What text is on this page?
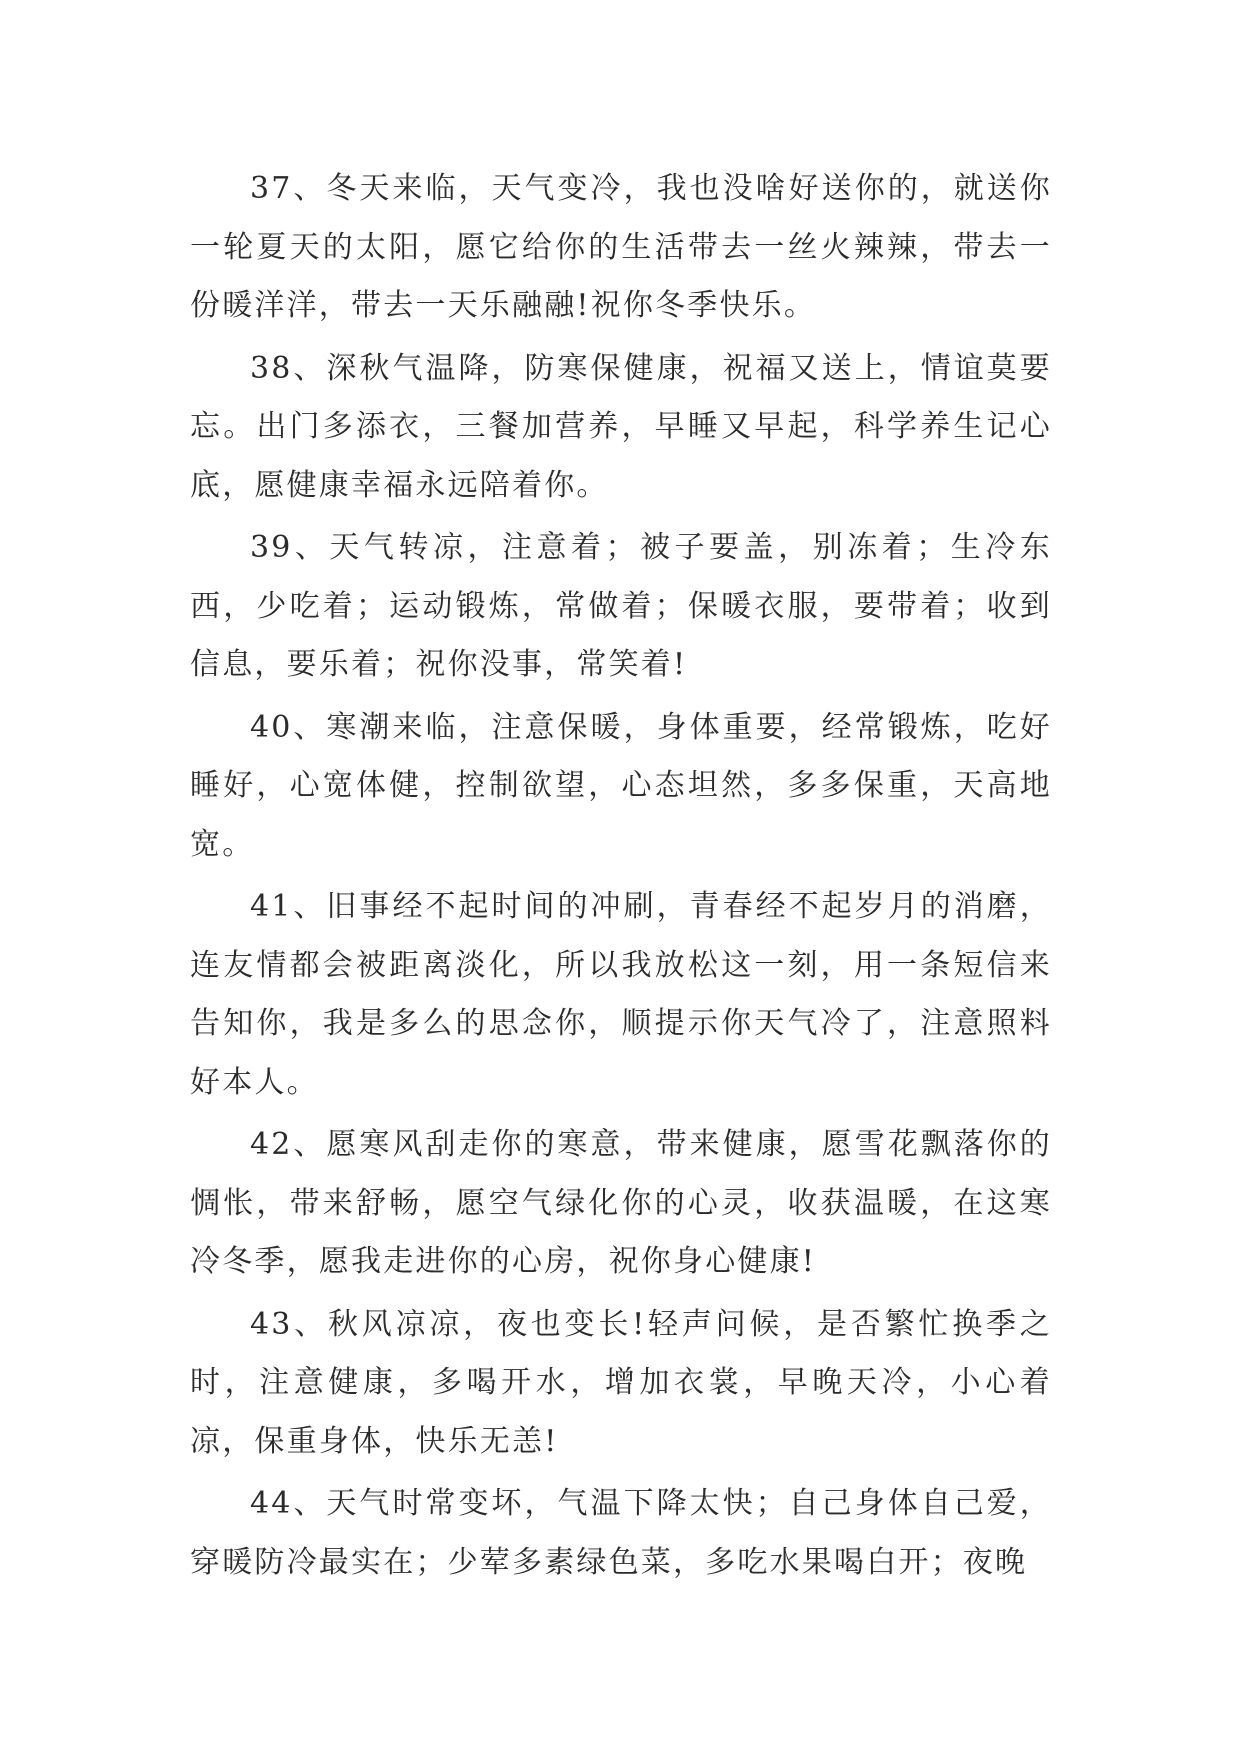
37、冬天来临，天气变冷，我也没啥好送你的，就送你一轮夏天的太阳，愿它给你的生活带去一丝火辣辣，带去一份暖洋洋，带去一天乐融融!祝你冬季快乐。

38、深秋气温降，防寒保健康，祝福又送上，情谊莫要忘。出门多添衣，三餐加营养，早睡又早起，科学养生记心底，愿健康幸福永远陪着你。

39、天气转凉，注意着；被子要盖，别冻着；生冷东西，少吃着；运动锻炼，常做着；保暖衣服，要带着；收到信息，要乐着；祝你没事，常笑着!

40、寒潮来临，注意保暖，身体重要，经常锻炼，吃好睡好，心宽体健，控制欲望，心态坦然，多多保重，天高地宽。

41、旧事经不起时间的冲刷，青春经不起岁月的消磨，连友情都会被距离淡化，所以我放松这一刻，用一条短信来告知你，我是多么的思念你，顺提示你天气冷了，注意照料好本人。

42、愿寒风刮走你的寒意，带来健康，愿雪花飘落你的惆怅，带来舒畅，愿空气绿化你的心灵，收获温暖，在这寒冷冬季，愿我走进你的心房，祝你身心健康!

43、秋风凉凉，夜也变长!轻声问候，是否繁忙换季之时，注意健康，多喝开水，增加衣裳，早晚天冷，小心着凉，保重身体，快乐无恙!

44、天气时常变坏，气温下降太快；自己身体自己爱，穿暖防冷最实在；少荤多素绿色菜，多吃水果喝白开；夜晚
